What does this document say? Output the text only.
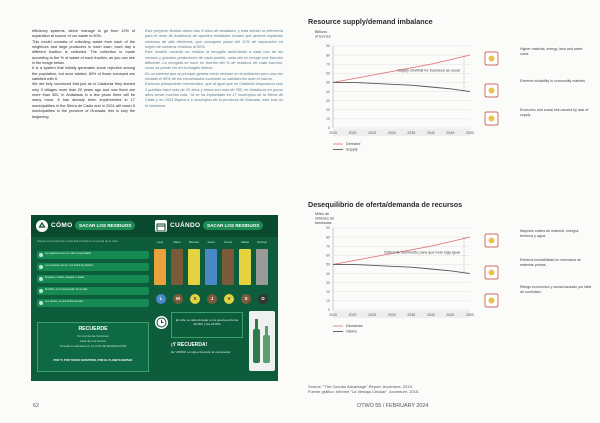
efficiency systems, which manage to go from 12% of separation at source of our waste to 50%.

This model consists of collecting waste from each of the neighbors and large producers in each town, each day a different fraction is collected. The collection is made according to the % of waste of each fraction, as you can see in the image below.

It is a system that initially generates some rejection among the population, but once started, 80% of those surveyed are satisfied with it.

We are fully convinced that just as in Catalonia they started only 3 villages more than 20 years ago and now there are more than 300, in Andalusia in a few years there will be many more. It has already been implemented in 17 municipalities in the Sierra de Cadiz and in 2024 will reach 6 municipalities in the province of Granada, this is only the beginning.

Este proyecto finaliza ahora tras 5 años de andadura, y está siendo la referencia para el resto de Andalucía de aquellos entidades locales que quieren implantar sistemas de alta eficiencia, que consiguen pasar del 12% de separación en origen de nuestros residuos al 50%.

Este modelo consiste en realizar la recogida domiciliaria a cada uno de los vecinos y grandes productores de cada pueblo, cada día se recoge una fracción diferente. La recogida se hace en función del % de residuos de cada fracción, como se puede ver en la imagen inferior.

Es un sistema que al principio genera cierto rechazo en la población pero una vez iniciado el 80% de los encuestados muestran su satisfacción ante el mismo.

Estamos plenamente convencidos, que al igual que en Cataluña empezaron solo 3 pueblos hace más de 20 años y ahora son más de 300, en Andalucía en pocos años serán muchos más. Ya se ha implantado en 17 municipios de la Sierra de Cádiz y en 2024 llegará a 6 municipios de la provincia de Granada, esto solo es el comienzo.

CÓMO	SACAR LOS RESIDUOS	CUÁNDO	SACAR LOS RESIDUOS
Separa correctamente y deposita la bolsa en la puerta de tu casa
La orgánica va en un cubo compostable
Los envases van en una bolsa de plástico
El papel y cartón, plegado y atado
El vidrio, en el contenedor de la calle
Los restos, en una bolsa cerrada
RECUERDE
No mezcles las fracciones
Cada día una fracción
Consulta tu calendario en LA GUÍA DE SEGREGACIÓN
POR TI, POR TODOS NOSOTROS, POR EL PLANETA SEPARA
Lunes	Martes	Miércoles	Jueves	Viernes	Sábado	Domingo
L	M	X	J	V	S	D
El cubo se deberá dejar en la puerta entre las 20:00h y las 22:00h
¡Y RECUERDA!
EL VIDRIO se sigue llevando al contenedor
62	OTWO 55 / FEBRUARY 2024
Resource supply/demand imbalance
Billions
of tonnes
0
10
20
30
40
50
60
70
80
90
2015	2020	2025	2030	2035	2040	2045	2050
Supply shortfall for business as usual
Demand
Supply
Higher material, energy, land and water costs
Extreme instability in commodity markets
Economic and social risk caused by lack of supply
Desequilibrio de oferta/demanda de recursos
Miles de
millones de
toneladas
0
10
20
30
40
50
60
70
80
90
2015	2020	2025	2030	2035	2040	2045	2050
Déficit de suministro para que todo siga igual
Demanda
Oferta
Mayores costes de material, energía, terrenos y agua.
Extrema inestabilidad en mercados de materias primas.
Riesgo económico y social causado por falta de suministro
Source: "The Circular Advantage" Report. Accenture, 2015.
Fuente gráfico: Informe "La Ventaja Circular". Accenture, 2015.
